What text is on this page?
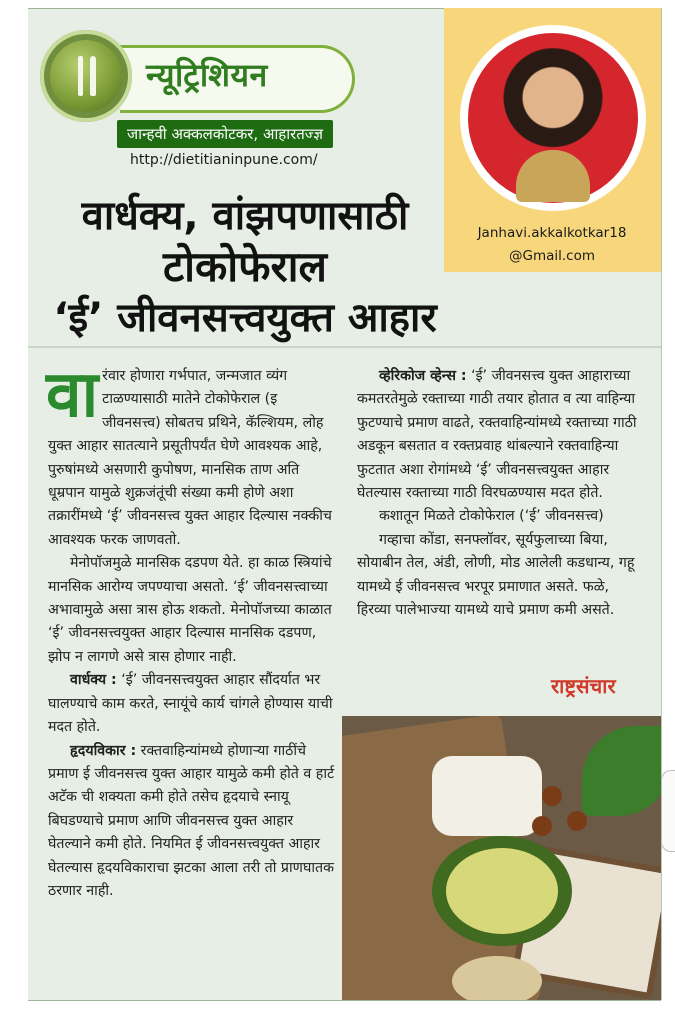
न्यूट्रिशियन
जान्हवी अक्कलकोटकर, आहारतज्ज्ञ
http://dietitianinpune.com/
Janhavi.akkalkotkar18
@Gmail.com
वार्धक्य, वांझपणासाठी
टोकोफेराल
‘ई’ जीवनसत्त्वयुक्त आहार

वारंवार होणारा गर्भपात, जन्मजात व्यंग टाळण्यासाठी मातेने टोकोफेराल (इ जीवनसत्त्व) सोबतच प्रथिने, कॅल्शियम, लोह युक्त आहार सातत्याने प्रसूतीपर्यंत घेणे आवश्यक आहे, पुरुषांमध्ये असणारी कुपोषण, मानसिक ताण अति धूम्रपान यामुळे शुक्रजंतूंची संख्या कमी होणे अशा तक्रारींमध्ये ‘ई’ जीवनसत्त्व युक्त आहार दिल्यास नक्कीच आवश्यक फरक जाणवतो.

मेनोपॉजमुळे मानसिक दडपण येते. हा काळ स्त्रियांचे मानसिक आरोग्य जपण्याचा असतो. ‘ई’ जीवनसत्त्वाच्या अभावामुळे असा त्रास होऊ शकतो. मेनोपॉजच्या काळात ‘ई’ जीवनसत्त्वयुक्त आहार दिल्यास मानसिक दडपण, झोप न लागणे असे त्रास होणार नाही.

वार्धक्य : ‘ई’ जीवनसत्त्वयुक्त आहार सौंदर्यात भर घालण्याचे काम करते, स्नायूंचे कार्य चांगले होण्यास याची मदत होते.

हृदयविकार : रक्तवाहिन्यांमध्ये होणाऱ्या गाठींचे प्रमाण ई जीवनसत्त्व युक्त आहार यामुळे कमी होते व हार्ट अटॅक ची शक्यता कमी होते तसेच हृदयाचे स्नायू बिघडण्याचे प्रमाण आणि जीवनसत्त्व युक्त आहार घेतल्याने कमी होते. नियमित ई जीवनसत्त्वयुक्त आहार घेतल्यास हृदयविकाराचा झटका आला तरी तो प्राणघातक ठरणार नाही.

व्हेरिकोज व्हेन्स : ‘ई’ जीवनसत्त्व युक्त आहाराच्या कमतरतेमुळे रक्ताच्या गाठी तयार होतात व त्या वाहिन्या फुटण्याचे प्रमाण वाढते, रक्तवाहिन्यांमध्ये रक्ताच्या गाठी अडकून बसतात व रक्तप्रवाह थांबल्याने रक्तवाहिन्या फुटतात अशा रोगांमध्ये ‘ई’ जीवनसत्त्वयुक्त आहार घेतल्यास रक्ताच्या गाठी विरघळण्यास मदत होते.

कशातून मिळते टोकोफेराल (‘ई’ जीवनसत्त्व)

गव्हाचा कोंडा, सनफ्लॉवर, सूर्यफुलाच्या बिया, सोयाबीन तेल, अंडी, लोणी, मोड आलेली कडधान्य, गहू यामध्ये ई जीवनसत्त्व भरपूर प्रमाणात असते. फळे, हिरव्या पालेभाज्या यामध्ये याचे प्रमाण कमी असते.

राष्ट्रसंचार
